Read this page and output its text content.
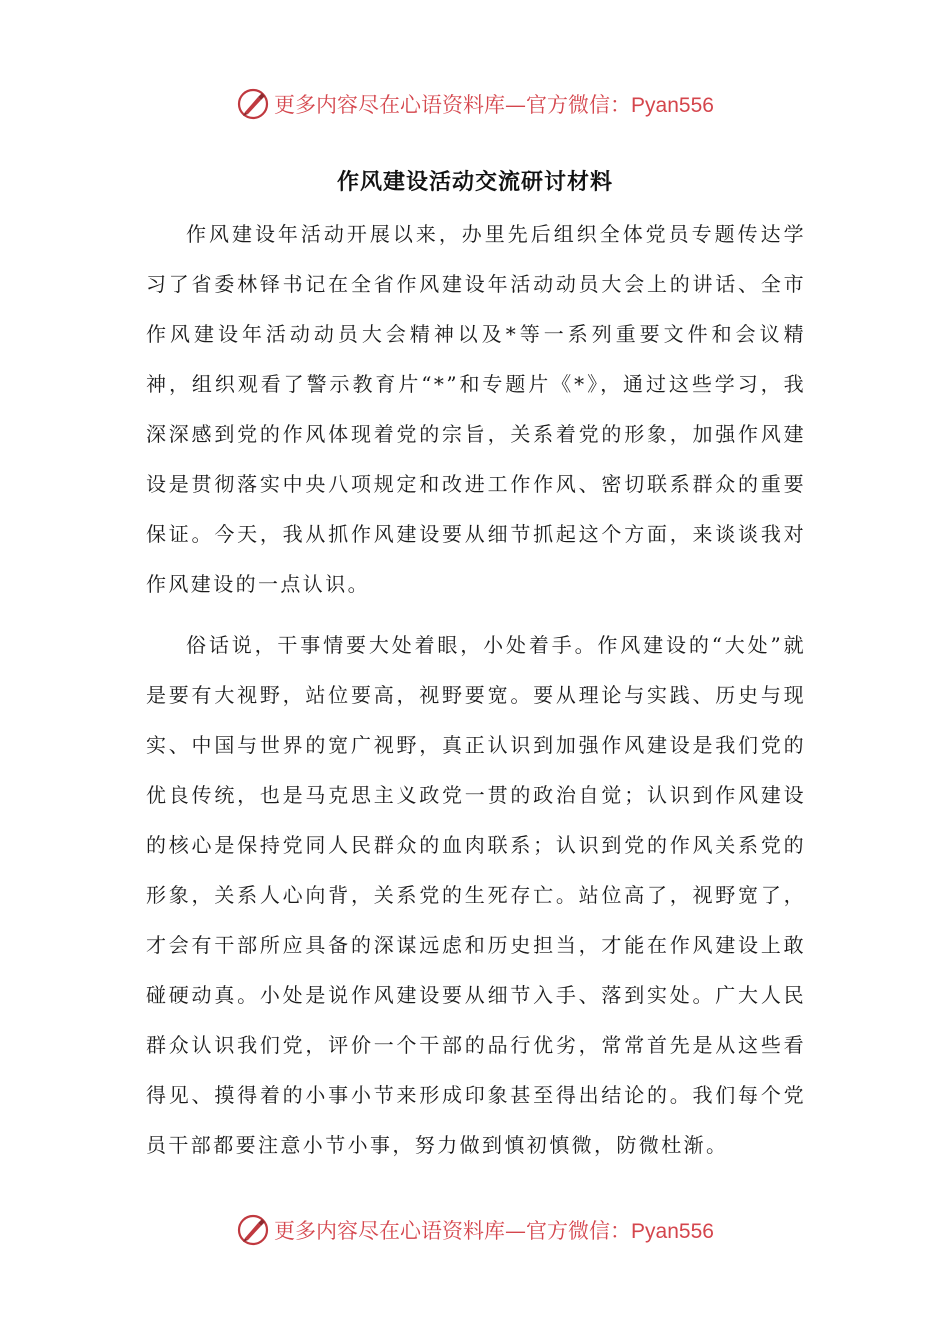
更多内容尽在心语资料库—官方微信：Pyan556
作风建设活动交流研讨材料

作风建设年活动开展以来，办里先后组织全体党员专题传达学习了省委林铎书记在全省作风建设年活动动员大会上的讲话、全市作风建设年活动动员大会精神以及*等一系列重要文件和会议精神，组织观看了警示教育片“*”和专题片《*》，通过这些学习，我深深感到党的作风体现着党的宗旨，关系着党的形象，加强作风建设是贯彻落实中央八项规定和改进工作作风、密切联系群众的重要保证。今天，我从抓作风建设要从细节抓起这个方面，来谈谈我对作风建设的一点认识。

俗话说，干事情要大处着眼，小处着手。作风建设的“大处”就是要有大视野，站位要高，视野要宽。要从理论与实践、历史与现实、中国与世界的宽广视野，真正认识到加强作风建设是我们党的优良传统，也是马克思主义政党一贯的政治自觉；认识到作风建设的核心是保持党同人民群众的血肉联系；认识到党的作风关系党的形象，关系人心向背，关系党的生死存亡。站位高了，视野宽了，才会有干部所应具备的深谋远虑和历史担当，才能在作风建设上敢碰硬动真。小处是说作风建设要从细节入手、落到实处。广大人民群众认识我们党，评价一个干部的品行优劣，常常首先是从这些看得见、摸得着的小事小节来形成印象甚至得出结论的。我们每个党员干部都要注意小节小事，努力做到慎初慎微，防微杜渐。

更多内容尽在心语资料库—官方微信：Pyan556
